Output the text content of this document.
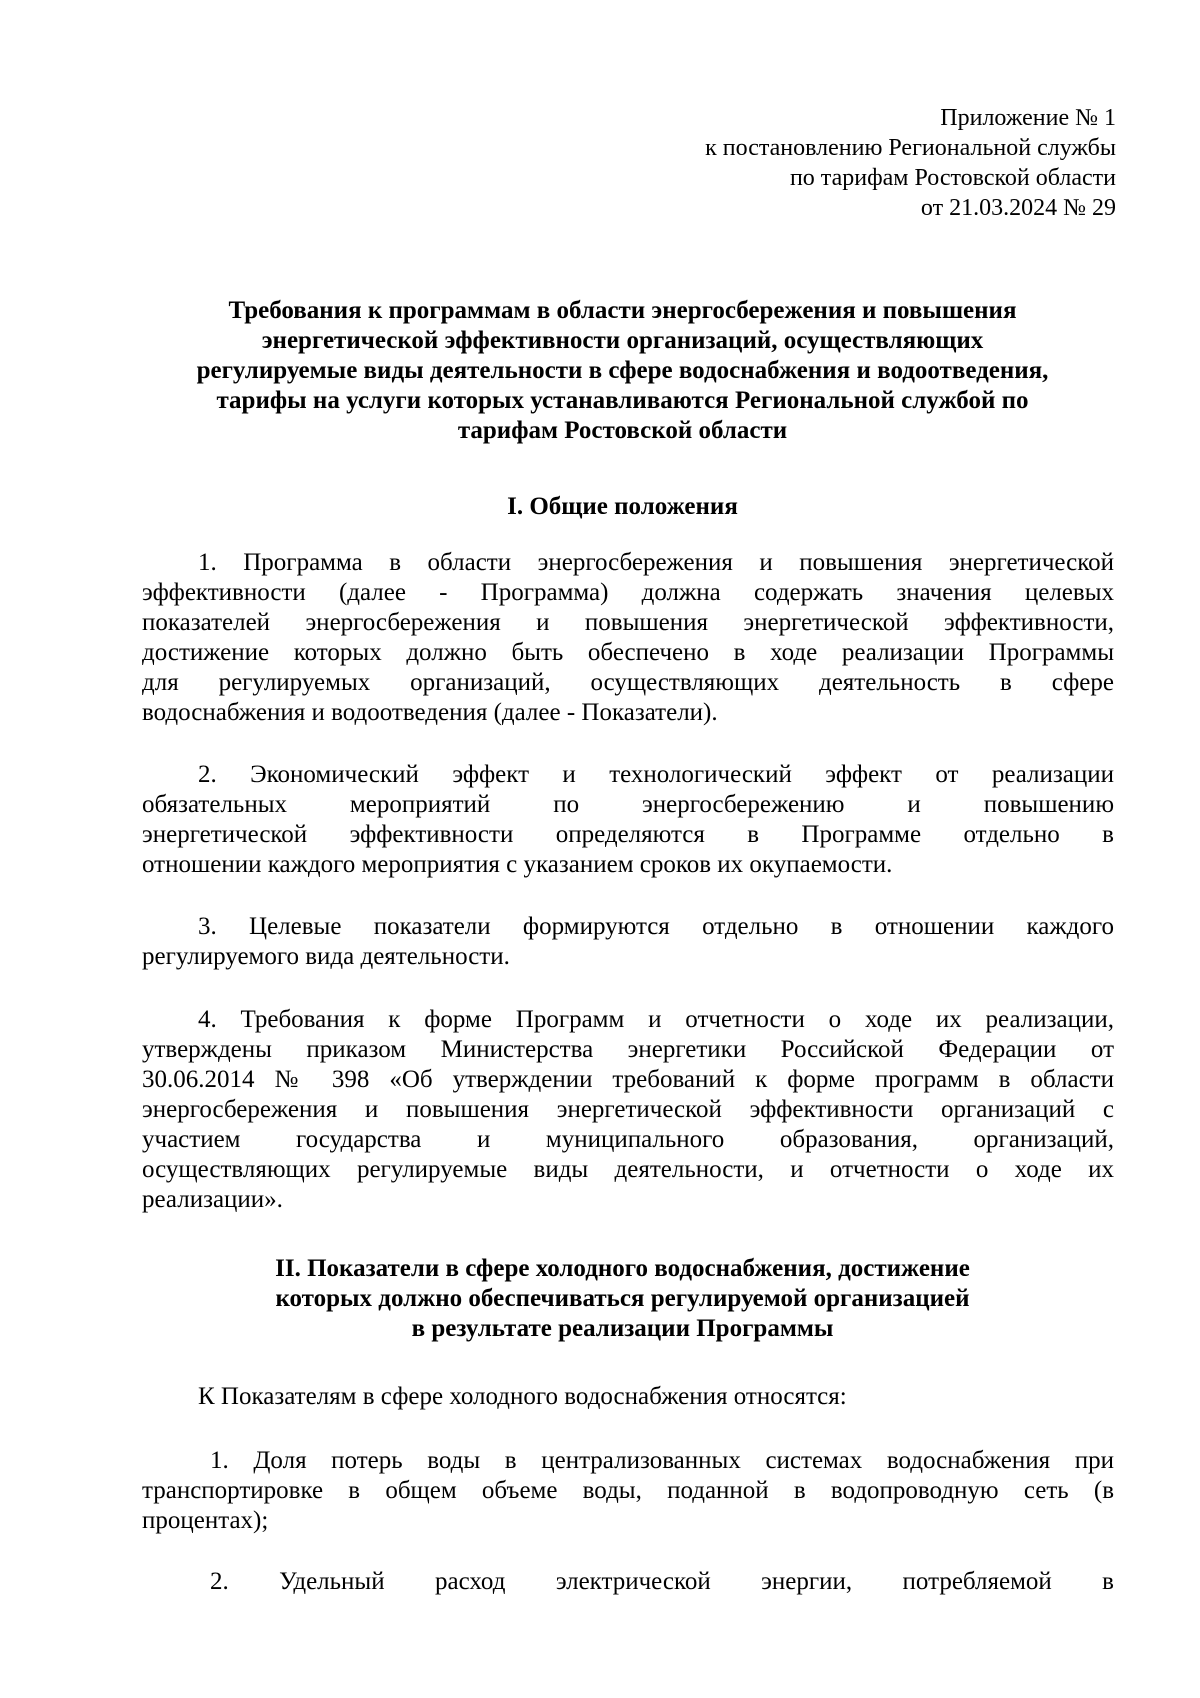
Приложение № 1
к постановлению Региональной службы
по тарифам Ростовской области
от 21.03.2024 № 29
Требования к программам в области энергосбережения и повышения
энергетической эффективности организаций, осуществляющих
регулируемые виды деятельности в сфере водоснабжения и водоотведения,
тарифы на услуги которых устанавливаются Региональной службой по
тарифам Ростовской области
I. Общие положения
1. Программа в области энергосбережения и повышения энергетической
эффективности (далее - Программа) должна содержать значения целевых
показателей энергосбережения и повышения энергетической эффективности,
достижение которых должно быть обеспечено в ходе реализации Программы
для регулируемых организаций, осуществляющих деятельность в сфере
водоснабжения и водоотведения (далее - Показатели).
2. Экономический эффект и технологический эффект от реализации
обязательных мероприятий по энергосбережению и повышению
энергетической эффективности определяются в Программе отдельно в
отношении каждого мероприятия с указанием сроков их окупаемости.
3. Целевые показатели формируются отдельно в отношении каждого
регулируемого вида деятельности.
4. Требования к форме Программ и отчетности о ходе их реализации,
утверждены приказом Министерства энергетики Российской Федерации от
30.06.2014 № 398 «Об утверждении требований к форме программ в области
энергосбережения и повышения энергетической эффективности организаций с
участием государства и муниципального образования, организаций,
осуществляющих регулируемые виды деятельности, и отчетности о ходе их
реализации».
II. Показатели в сфере холодного водоснабжения, достижение
которых должно обеспечиваться регулируемой организацией
в результате реализации Программы
К Показателям в сфере холодного водоснабжения относятся:
1. Доля потерь воды в централизованных системах водоснабжения при
транспортировке в общем объеме воды, поданной в водопроводную сеть (в
процентах);
2. Удельный расход электрической энергии, потребляемой в
